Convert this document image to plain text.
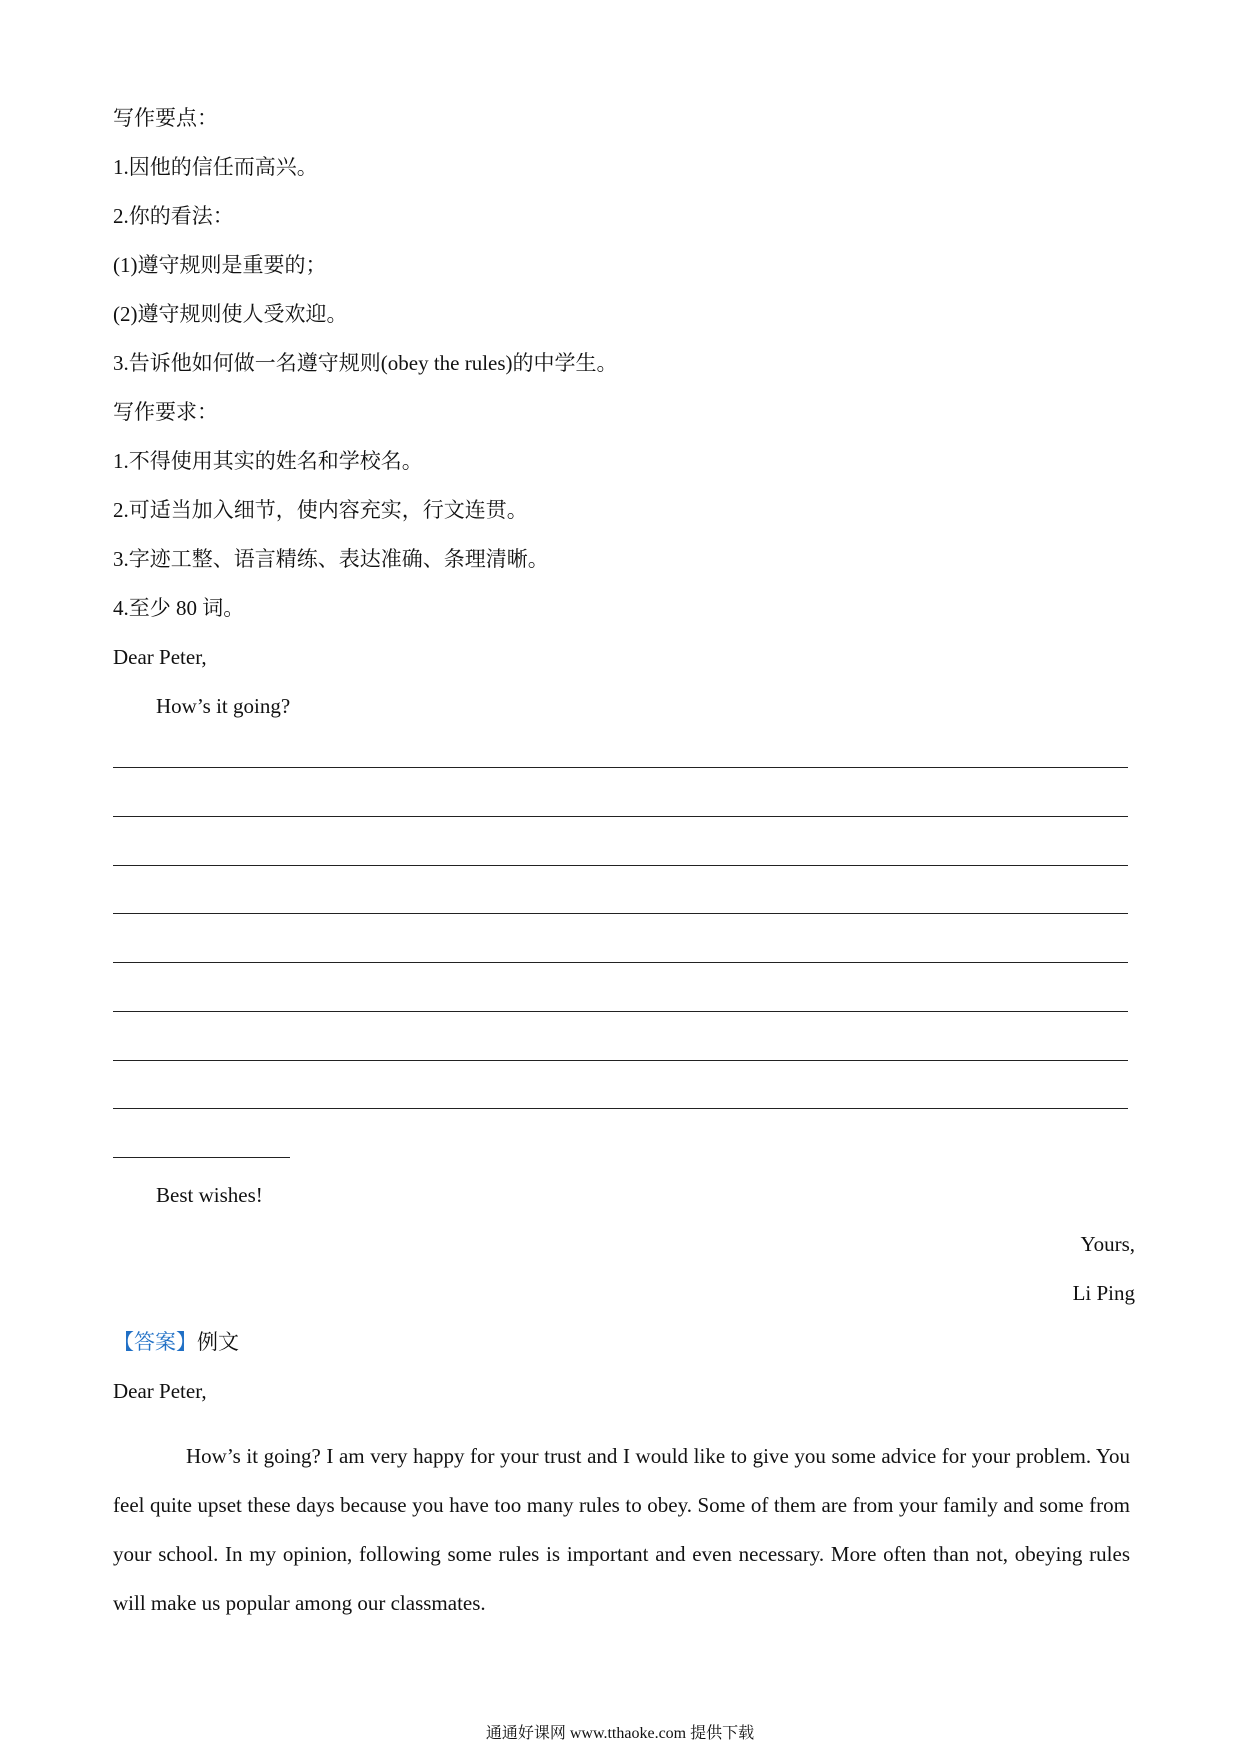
写作要点：
1.因他的信任而高兴。
2.你的看法：
(1)遵守规则是重要的；
(2)遵守规则使人受欢迎。
3.告诉他如何做一名遵守规则(obey the rules)的中学生。
写作要求：
1.不得使用其实的姓名和学校名。
2.可适当加入细节，使内容充实，行文连贯。
3.字迹工整、语言精练、表达准确、条理清晰。
4.至少 80 词。
Dear Peter,
How’s it going?
Best wishes!
Yours,
Li Ping
【答案】例文
Dear Peter,
How’s it going? I am very happy for your trust and I would like to give you some advice for your problem. You feel quite upset these days because you have too many rules to obey. Some of them are from your family and some from your school. In my opinion, following some rules is important and even necessary. More often than not, obeying rules will make us popular among our classmates.
通通好课网 www.tthaoke.com 提供下载
